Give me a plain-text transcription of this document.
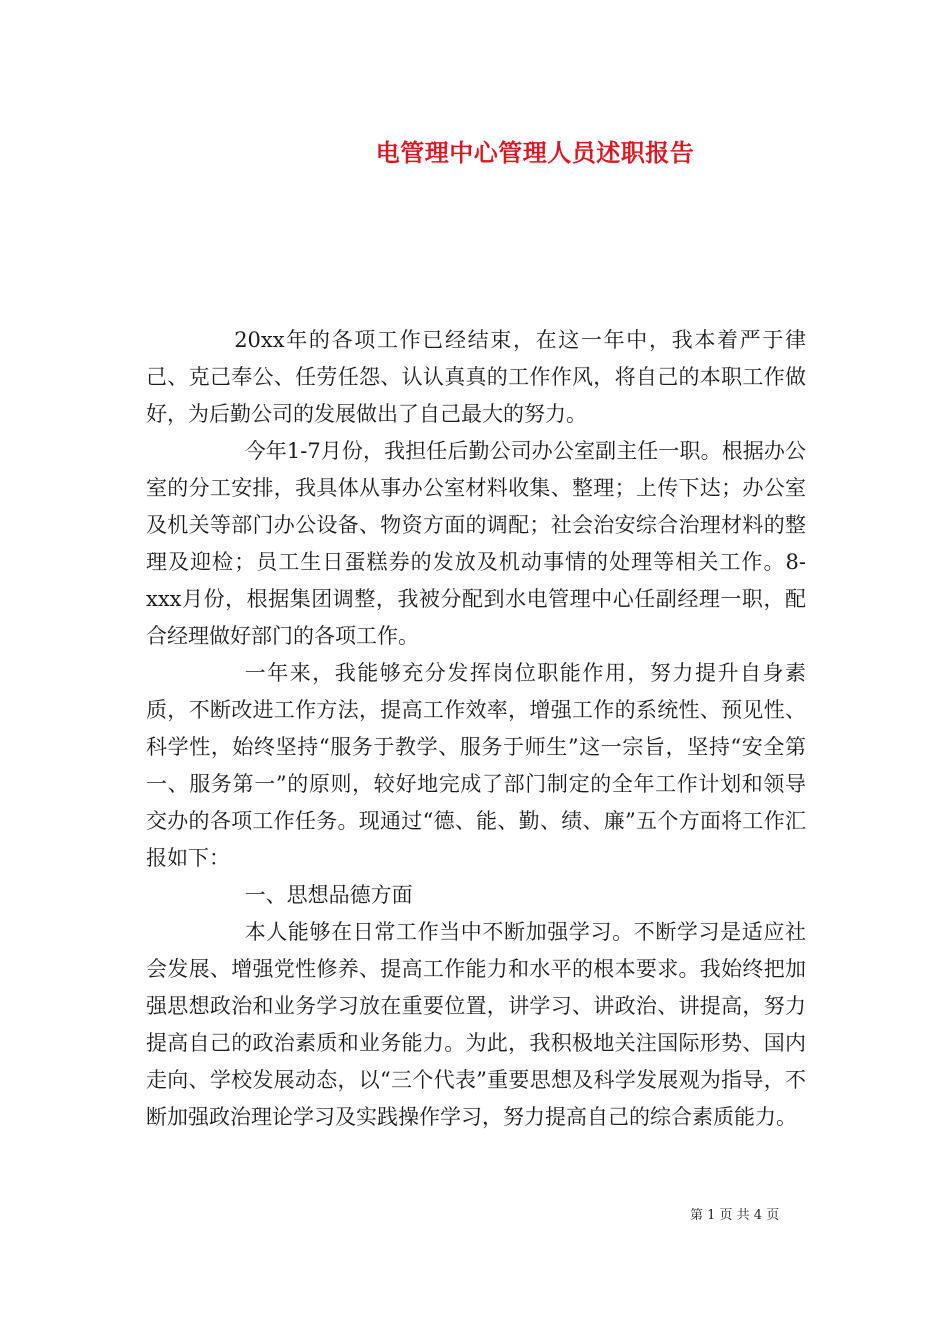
电管理中心管理人员述职报告

20xx年的各项工作已经结束，在这一年中，我本着严于律己、克己奉公、任劳任怨、认认真真的工作作风，将自己的本职工作做好，为后勤公司的发展做出了自己最大的努力。

今年1-7月份，我担任后勤公司办公室副主任一职。根据办公室的分工安排，我具体从事办公室材料收集、整理；上传下达；办公室及机关等部门办公设备、物资方面的调配；社会治安综合治理材料的整理及迎检；员工生日蛋糕券的发放及机动事情的处理等相关工作。8-xxx月份，根据集团调整，我被分配到水电管理中心任副经理一职，配合经理做好部门的各项工作。

一年来，我能够充分发挥岗位职能作用，努力提升自身素质，不断改进工作方法，提高工作效率，增强工作的系统性、预见性、科学性，始终坚持“服务于教学、服务于师生”这一宗旨，坚持“安全第一、服务第一”的原则，较好地完成了部门制定的全年工作计划和领导交办的各项工作任务。现通过“德、能、勤、绩、廉”五个方面将工作汇报如下：

一、思想品德方面

本人能够在日常工作当中不断加强学习。不断学习是适应社会发展、增强党性修养、提高工作能力和水平的根本要求。我始终把加强思想政治和业务学习放在重要位置，讲学习、讲政治、讲提高，努力提高自己的政治素质和业务能力。为此，我积极地关注国际形势、国内走向、学校发展动态，以“三个代表”重要思想及科学发展观为指导，不断加强政治理论学习及实践操作学习，努力提高自己的综合素质能力。

第 1 页 共 4 页
